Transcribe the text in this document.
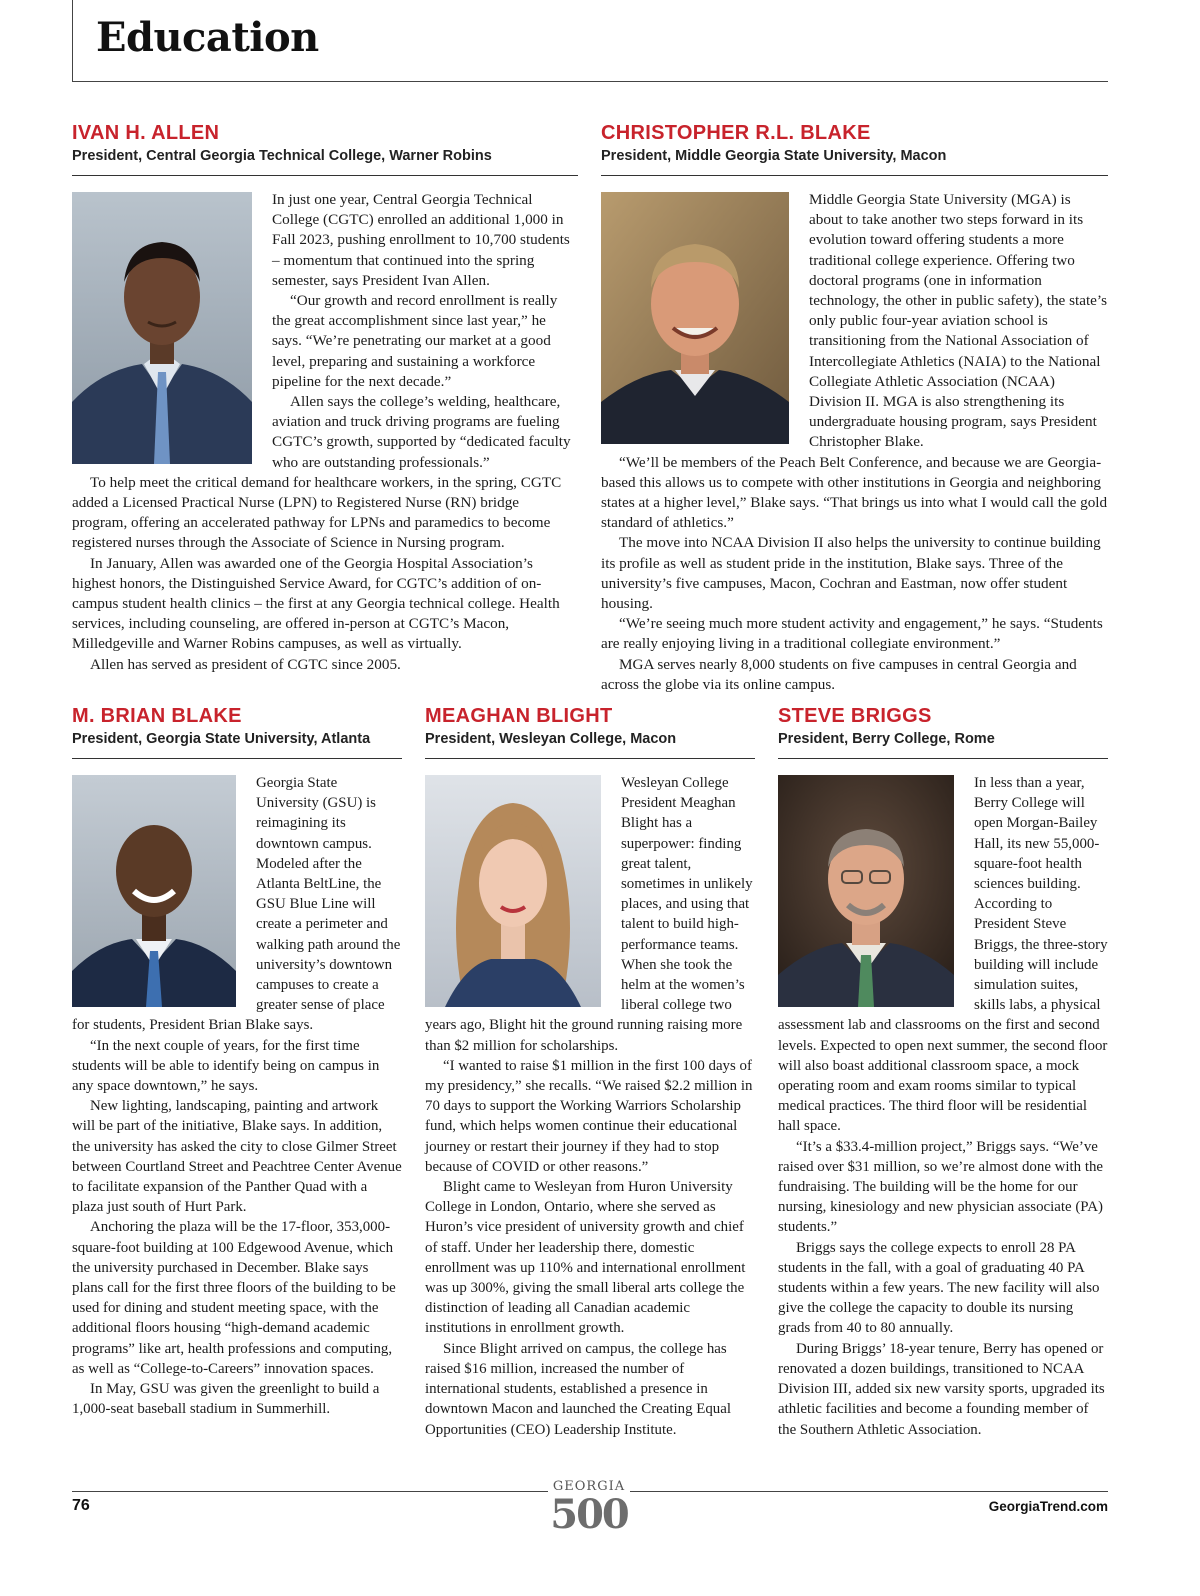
Education
IVAN H. ALLEN
President, Central Georgia Technical College, Warner Robins

In just one year, Central Georgia Technical College (CGTC) enrolled an additional 1,000 in Fall 2023, pushing enrollment to 10,700 students – momentum that continued into the spring semester, says President Ivan Allen.

“Our growth and record enrollment is really the great accomplishment since last year,” he says. “We’re penetrating our market at a good level, preparing and sustaining a workforce pipeline for the next decade.”

Allen says the college’s welding, healthcare, aviation and truck driving programs are fueling CGTC’s growth, supported by “dedicated faculty who are outstanding professionals.”

To help meet the critical demand for healthcare workers, in the spring, CGTC added a Licensed Practical Nurse (LPN) to Registered Nurse (RN) bridge program, offering an accelerated pathway for LPNs and paramedics to become registered nurses through the Associate of Science in Nursing program.

In January, Allen was awarded one of the Georgia Hospital Association’s highest honors, the Distinguished Service Award, for CGTC’s addition of on-campus student health clinics – the first at any Georgia technical college. Health services, including counseling, are offered in-person at CGTC’s Macon, Milledgeville and Warner Robins campuses, as well as virtually.

Allen has served as president of CGTC since 2005.

CHRISTOPHER R.L. BLAKE
President, Middle Georgia State University, Macon

Middle Georgia State University (MGA) is about to take another two steps forward in its evolution toward offering students a more traditional college experience. Offering two doctoral programs (one in information technology, the other in public safety), the state’s only public four-year aviation school is transitioning from the National Association of Intercollegiate Athletics (NAIA) to the National Collegiate Athletic Association (NCAA) Division II. MGA is also strengthening its undergraduate housing program, says President Christopher Blake.

“We’ll be members of the Peach Belt Conference, and because we are Georgia-based this allows us to compete with other institutions in Georgia and neighboring states at a higher level,” Blake says. “That brings us into what I would call the gold standard of athletics.”

The move into NCAA Division II also helps the university to continue building its profile as well as student pride in the institution, Blake says. Three of the university’s five campuses, Macon, Cochran and Eastman, now offer student housing.

“We’re seeing much more student activity and engagement,” he says. “Students are really enjoying living in a traditional collegiate environment.”

MGA serves nearly 8,000 students on five campuses in central Georgia and across the globe via its online campus.

M. BRIAN BLAKE
President, Georgia State University, Atlanta

Georgia State University (GSU) is reimagining its downtown campus. Modeled after the Atlanta BeltLine, the GSU Blue Line will create a perimeter and walking path around the university’s downtown campuses to create a greater sense of place for students, President Brian Blake says.

“In the next couple of years, for the first time students will be able to identify being on campus in any space downtown,” he says.

New lighting, landscaping, painting and artwork will be part of the initiative, Blake says. In addition, the university has asked the city to close Gilmer Street between Courtland Street and Peachtree Center Avenue to facilitate expansion of the Panther Quad with a plaza just south of Hurt Park.

Anchoring the plaza will be the 17-floor, 353,000-square-foot building at 100 Edgewood Avenue, which the university purchased in December. Blake says plans call for the first three floors of the building to be used for dining and student meeting space, with the additional floors housing “high-demand academic programs” like art, health professions and computing, as well as “College-to-Careers” innovation spaces.

In May, GSU was given the greenlight to build a 1,000-seat baseball stadium in Summerhill.

MEAGHAN BLIGHT
President, Wesleyan College, Macon

Wesleyan College President Meaghan Blight has a superpower: finding great talent, sometimes in unlikely places, and using that talent to build high-performance teams. When she took the helm at the women’s liberal college two years ago, Blight hit the ground running raising more than $2 million for scholarships.

“I wanted to raise $1 million in the first 100 days of my presidency,” she recalls. “We raised $2.2 million in 70 days to support the Working Warriors Scholarship fund, which helps women continue their educational journey or restart their journey if they had to stop because of COVID or other reasons.”

Blight came to Wesleyan from Huron University College in London, Ontario, where she served as Huron’s vice president of university growth and chief of staff. Under her leadership there, domestic enrollment was up 110% and international enrollment was up 300%, giving the small liberal arts college the distinction of leading all Canadian academic institutions in enrollment growth.

Since Blight arrived on campus, the college has raised $16 million, increased the number of international students, established a presence in downtown Macon and launched the Creating Equal Opportunities (CEO) Leadership Institute.

STEVE BRIGGS
President, Berry College, Rome

In less than a year, Berry College will open Morgan-Bailey Hall, its new 55,000-square-foot health sciences building. According to President Steve Briggs, the three-story building will include simulation suites, skills labs, a physical assessment lab and classrooms on the first and second levels. Expected to open next summer, the second floor will also boast additional classroom space, a mock operating room and exam rooms similar to typical medical practices. The third floor will be residential hall space.

“It’s a $33.4-million project,” Briggs says. “We’ve raised over $31 million, so we’re almost done with the fundraising. The building will be the home for our nursing, kinesiology and new physician associate (PA) students.”

Briggs says the college expects to enroll 28 PA students in the fall, with a goal of graduating 40 PA students within a few years. The new facility will also give the college the capacity to double its nursing grads from 40 to 80 annually.

During Briggs’ 18-year tenure, Berry has opened or renovated a dozen buildings, transitioned to NCAA Division III, added six new varsity sports, upgraded its athletic facilities and become a founding member of the Southern Athletic Association.

76
GEORGIA
500	GeorgiaTrend.com
